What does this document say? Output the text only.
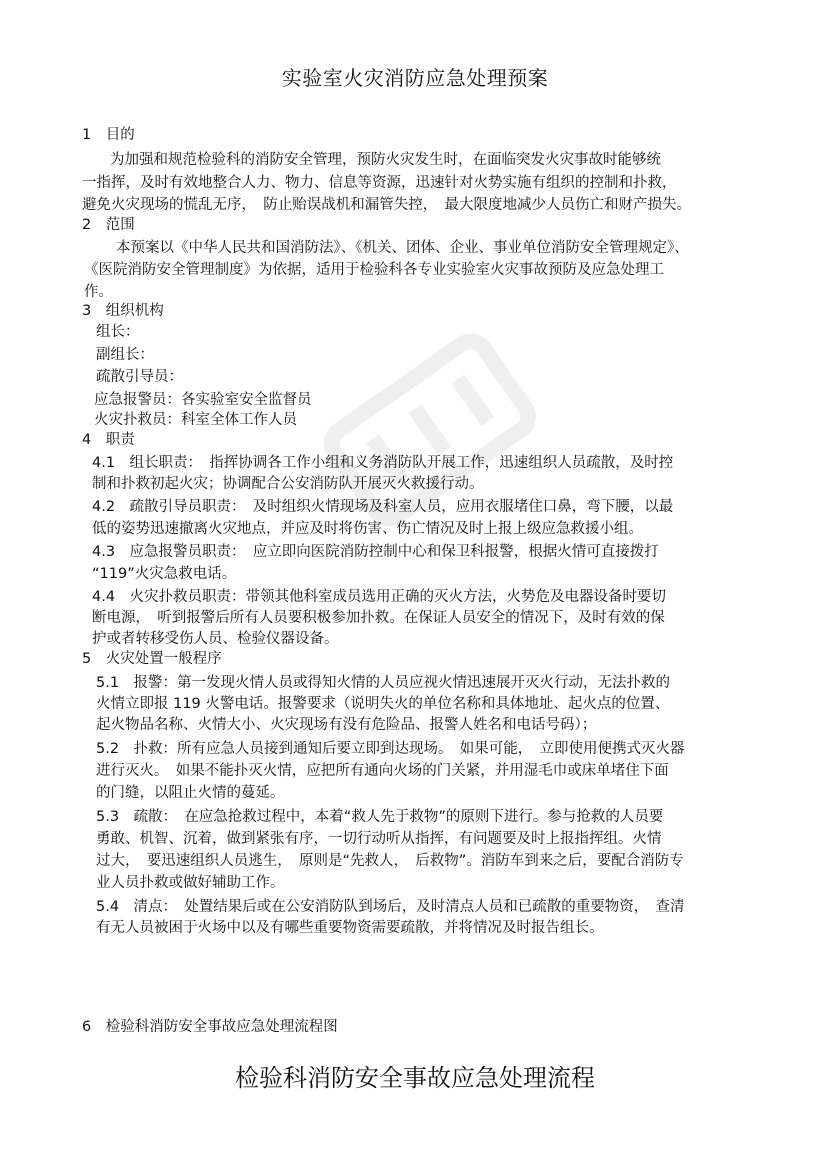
实验室火灾消防应急处理预案
1　目的
为加强和规范检验科的消防安全管理，预防火灾发生时，在面临突发火灾事故时能够统
一指挥，及时有效地整合人力、物力、信息等资源，迅速针对火势实施有组织的控制和扑救，
避免火灾现场的慌乱无序，　防止贻误战机和漏管失控，　最大限度地减少人员伤亡和财产损失。
2　范围
本预案以《中华人民共和国消防法》、《机关、团体、企业、事业单位消防安全管理规定》、
《医院消防安全管理制度》为依据，适用于检验科各专业实验室火灾事故预防及应急处理工
作。
3　组织机构
组长：
副组长：
疏散引导员：
应急报警员：各实验室安全监督员
火灾扑救员：科室全体工作人员
4　职责
4.1　组长职责：　指挥协调各工作小组和义务消防队开展工作，迅速组织人员疏散，及时控
制和扑救初起火灾；协调配合公安消防队开展灭火救援行动。
4.2　疏散引导员职责：　及时组织火情现场及科室人员，应用衣服堵住口鼻，弯下腰，以最
低的姿势迅速撤离火灾地点，并应及时将伤害、伤亡情况及时上报上级应急救援小组。
4.3　应急报警员职责：　应立即向医院消防控制中心和保卫科报警，根据火情可直接拨打
“119”火灾急救电话。
4.4　火灾扑救员职责：带领其他科室成员选用正确的灭火方法，火势危及电器设备时要切
断电源，　听到报警后所有人员要积极参加扑救。在保证人员安全的情况下，及时有效的保
护或者转移受伤人员、检验仪器设备。
5　火灾处置一般程序
5.1　报警：第一发现火情人员或得知火情的人员应视火情迅速展开灭火行动，无法扑救的
火情立即报 119 火警电话。报警要求（说明失火的单位名称和具体地址、起火点的位置、
起火物品名称、火情大小、火灾现场有没有危险品、报警人姓名和电话号码）；
5.2　扑救：所有应急人员接到通知后要立即到达现场。　如果可能，　立即使用便携式灭火器
进行灭火。　如果不能扑灭火情，应把所有通向火场的门关紧，并用湿毛巾或床单堵住下面
的门缝，以阻止火情的蔓延。
5.3　疏散：　在应急抢救过程中，本着“救人先于救物”的原则下进行。参与抢救的人员要
勇敢、机智、沉着，做到紧张有序，一切行动听从指挥，有问题要及时上报指挥组。火情
过大，　要迅速组织人员逃生，　原则是“先救人，　后救物”。消防车到来之后，要配合消防专
业人员扑救或做好辅助工作。
5.4　清点：　处置结果后或在公安消防队到场后，及时清点人员和已疏散的重要物资，　查清
有无人员被困于火场中以及有哪些重要物资需要疏散，并将情况及时报告组长。
6　检验科消防安全事故应急处理流程图
检验科消防安全事故应急处理流程
